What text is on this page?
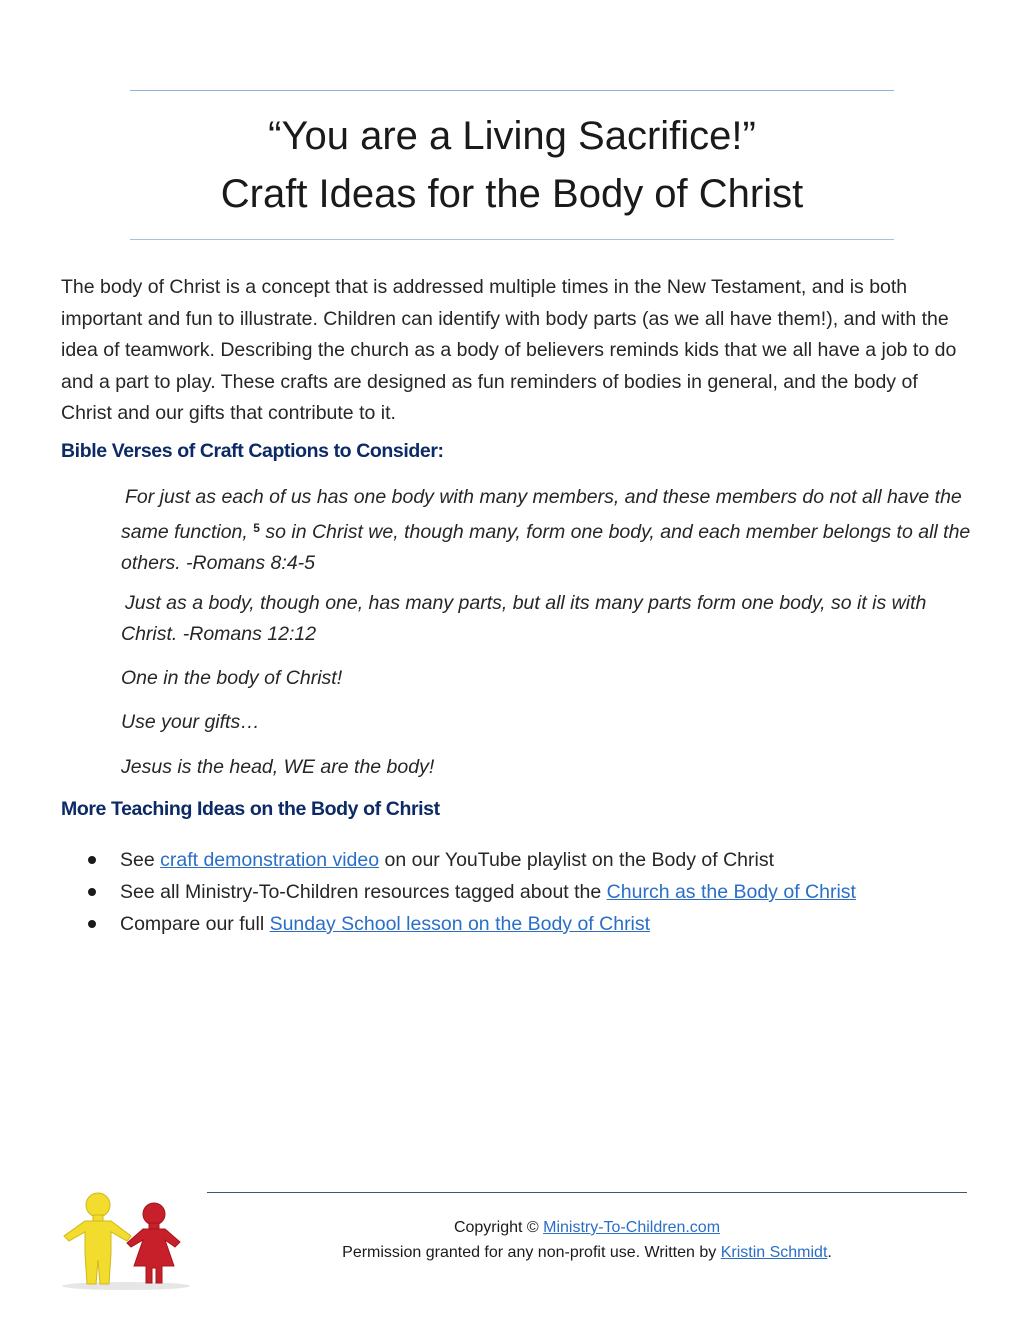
“You are a Living Sacrifice!”
Craft Ideas for the Body of Christ

The body of Christ is a concept that is addressed multiple times in the New Testament, and is both important and fun to illustrate. Children can identify with body parts (as we all have them!), and with the idea of teamwork. Describing the church as a body of believers reminds kids that we all have a job to do and a part to play. These crafts are designed as fun reminders of bodies in general, and the body of Christ and our gifts that contribute to it.

Bible Verses of Craft Captions to Consider:

For just as each of us has one body with many members, and these members do not all have the same function, $^5$ so in Christ we, though many, form one body, and each member belongs to all the others. -Romans 8:4-5

Just as a body, though one, has many parts, but all its many parts form one body, so it is with Christ. -Romans 12:12

One in the body of Christ!

Use your gifts…

Jesus is the head, WE are the body!

More Teaching Ideas on the Body of Christ
See craft demonstration video on our YouTube playlist on the Body of Christ
See all Ministry-To-Children resources tagged about the Church as the Body of Christ
Compare our full Sunday School lesson on the Body of Christ
Copyright © Ministry-To-Children.com
Permission granted for any non-profit use. Written by Kristin Schmidt.
